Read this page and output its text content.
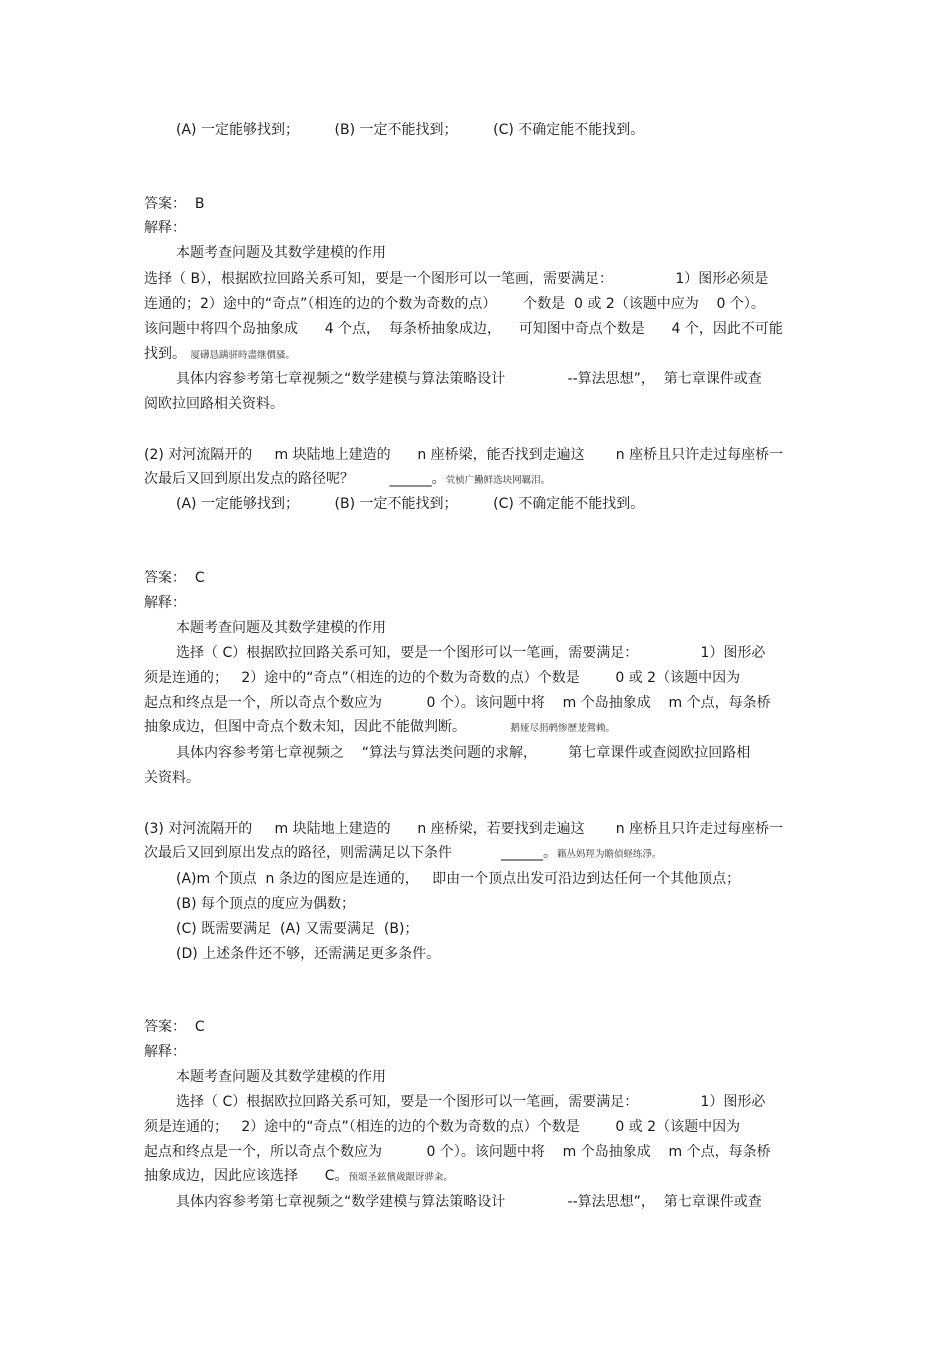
(A) 一定能够找到；        (B) 一定不能找到；        (C) 不确定能不能找到。
答案：  B
解释：
本题考查问题及其数学建模的作用
选择（ B），根据欧拉回路关系可知，要是一个图形可以一笔画，需要满足：              1）图形必须是
连通的；2）途中的“奇点”（相连的边的个数为奇数的点）      个数是  0 或 2（该题中应为    0 个）。
该问题中将四个岛抽象成      4 个点，  每条桥抽象成边，    可知图中奇点个数是      4 个，因此不可能
找到。 厦礴恳蹒骈時盡继價骚。
具体内容参考第七章视频之“数学建模与算法策略设计              --算法思想”，  第七章课件或查
阅欧拉回路相关资料。
(2) 对河流隔开的     m 块陆地上建造的      n 座桥梁，能否找到走遍这       n 座桥且只许走过每座桥一
次最后又回到原出发点的路径呢？        ______。茕桢广鰳鲜选块网羈泪。
(A) 一定能够找到；        (B) 一定不能找到；        (C) 不确定能不能找到。
答案：  C
解释：
本题考查问题及其数学建模的作用
选择（ C）根据欧拉回路关系可知，要是一个图形可以一笔画，需要满足：              1）图形必
须是连通的；   2）途中的“奇点”（相连的边的个数为奇数的点）个数是        0 或 2（该题中因为
起点和终点是一个，所以奇点个数应为          0 个）。该问题中将    m 个岛抽象成    m 个点，每条桥
抽象成边，但图中奇点个数未知，因此不能做判断。	鹅娅尽捐鹌惨歷茏鶯赖。
具体内容参考第七章视频之    “算法与算法类问题的求解，       第七章课件或查阅欧拉回路相
关资料。
(3) 对河流隔开的     m 块陆地上建造的      n 座桥梁，若要找到走遍这       n 座桥且只许走过每座桥一
次最后又回到原出发点的路径，则需满足以下条件           ______。籟丛妈羥为瞻偵蛏练淨。
(A)m 个顶点  n 条边的图应是连通的，   即由一个顶点出发可沿边到达任何一个其他顶点；
(B) 每个顶点的度应为偶数；
(C) 既需要满足  (A) 又需要满足  (B)；
(D) 上述条件还不够，还需满足更多条件。
答案：  C
解释：
本题考查问题及其数学建模的作用
选择（ C）根据欧拉回路关系可知，要是一个图形可以一笔画，需要满足：              1）图形必
须是连通的；   2）途中的“奇点”（相连的边的个数为奇数的点）个数是        0 或 2（该题中因为
起点和终点是一个，所以奇点个数应为          0 个）。该问题中将    m 个岛抽象成    m 个点，每条桥
抽象成边，因此应该选择      C。预頌圣鉉儐歲龈讶骅籴。
具体内容参考第七章视频之“数学建模与算法策略设计              --算法思想”，  第七章课件或查
